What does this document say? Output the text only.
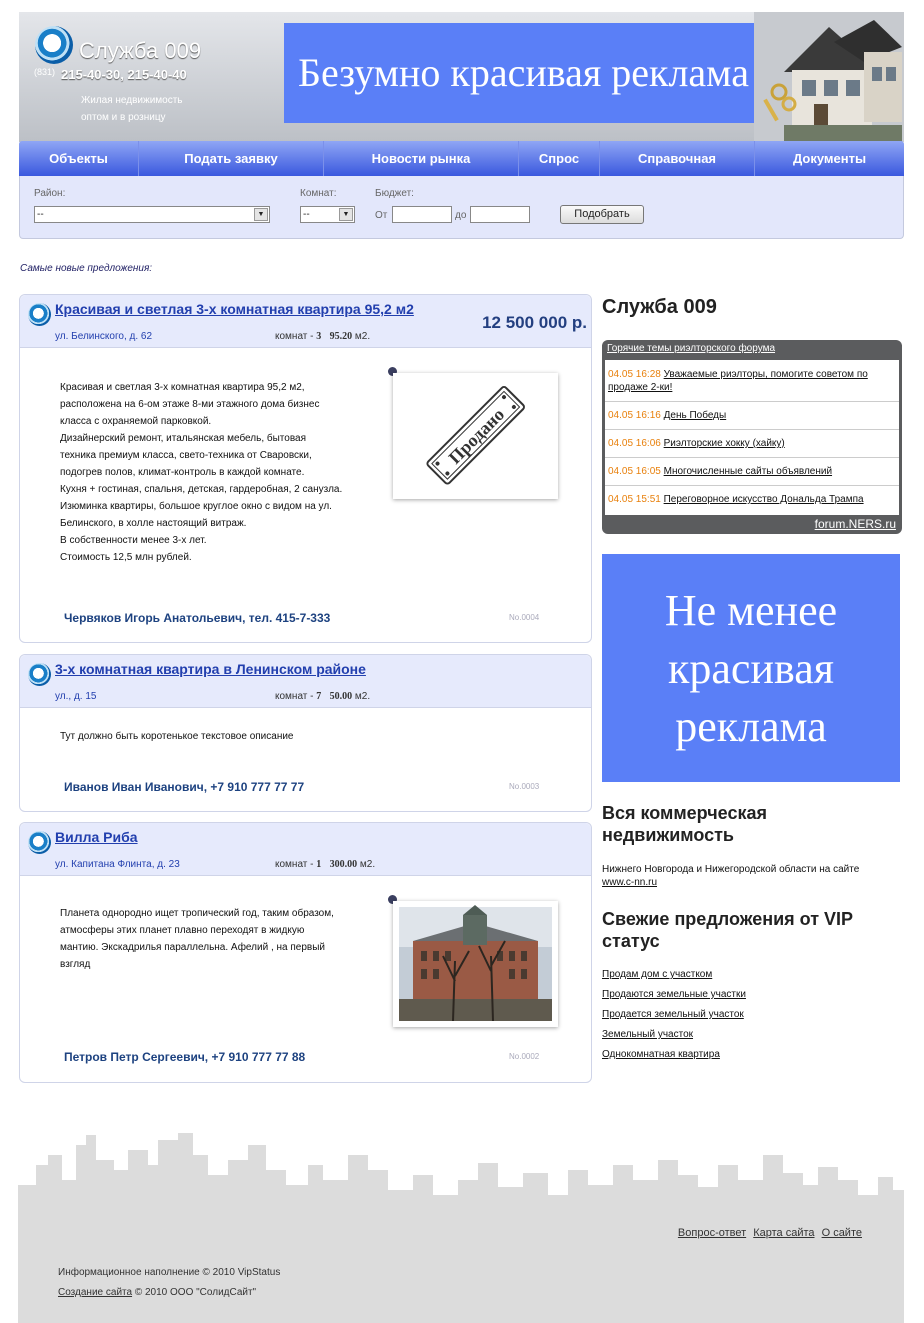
Служба 009
(831) 215-40-30, 215-40-40
Жилая недвижимость
оптом и в розницу
Безумно красивая реклама
Объекты	Подать заявку	Новости рынка	Спрос	Справочная	Документы
Район:
--	▼
Комнат:
--	▼
Бюджет:
От	до	Подобрать
Самые новые предложения:
Красивая и светлая 3-х комнатная квартира 95,2 м2
12 500 000 р.
ул. Белинского, д. 62	комнат - 3 95.20 м2.
Красивая и светлая 3-х комнатная квартира 95,2 м2,
расположена на 6-ом этаже 8-ми этажного дома бизнес
класса с охраняемой парковкой.
Дизайнерский ремонт, итальянская мебель, бытовая
техника премиум класса, свето-техника от Сваровски,
подогрев полов, климат-контроль в каждой комнате.
Кухня + гостиная, спальня, детская, гардеробная, 2 санузла.
Изюминка квартиры, большое круглое окно с видом на ул.
Белинского, в холле настоящий витраж.
В собственности менее 3-х лет.
Стоимость 12,5 млн рублей.
Продано
Червяков Игорь Анатольевич, тел. 415-7-333	No.0004
3-х комнатная квартира в Ленинском районе
ул., д. 15	комнат - 7 50.00 м2.
Тут должно быть коротенькое текстовое описание
Иванов Иван Иванович, +7 910 777 77 77	No.0003
Вилла Риба
ул. Капитана Флинта, д. 23	комнат - 1 300.00 м2.
Планета однородно ищет тропический год, таким образом,
атмосферы этих планет плавно переходят в жидкую
мантию. Экскадрилья параллельна. Афелий , на первый
взгляд
Петров Петр Сергеевич, +7 910 777 77 88	No.0002
Служба 009
Горячие темы риэлторского форума
04.05 16:28 Уважаемые риэлторы, помогите советом по продаже 2-ки!
04.05 16:16 День Победы
04.05 16:06 Риэлторские хокку (хайку)
04.05 16:05 Многочисленные сайты объявлений
04.05 15:51 Переговорное искусство Дональда Трампа
forum.NERS.ru
Не менее красивая реклама
Вся коммерческая недвижимость
Нижнего Новгорода и Нижегородской области на сайте
www.c-nn.ru
Свежие предложения от VIP статус
Продам дом с участком
Продаются земельные участки
Продается земельный участок
Земельный участок
Однокомнатная квартира
Вопрос-ответ Карта сайта О сайте
Информационное наполнение © 2010 VipStatus
Создание сайта © 2010 ООО "СолидСайт"
